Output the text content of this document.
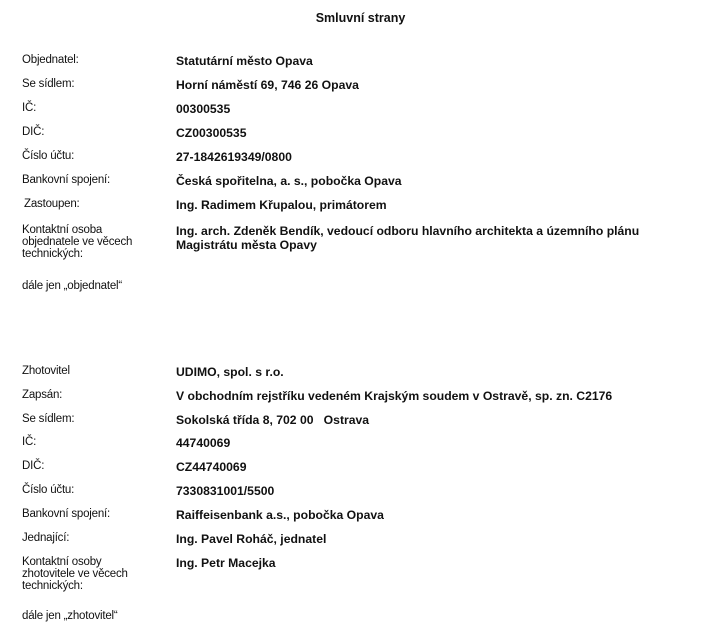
Smluvní strany
Objednatel:	Statutární město Opava
Se sídlem:	Horní náměstí 69, 746 26 Opava
IČ:	00300535
DIČ:	CZ00300535
Číslo účtu:	27-1842619349/0800
Bankovní spojení:	Česká spořitelna, a. s., pobočka Opava
Zastoupen:	Ing. Radimem Křupalou, primátorem
Kontaktní osoba objednatele ve věcech technických:
Ing. arch. Zdeněk Bendík, vedoucí odboru hlavního architekta a územního plánu Magistrátu města Opavy
dále jen „objednatel“
Zhotovitel	UDIMO, spol. s r.o.
Zapsán:	V obchodním rejstříku vedeném Krajským soudem v Ostravě, sp. zn. C2176
Se sídlem:	Sokolská třída 8, 702 00   Ostrava
IČ:	44740069
DIČ:	CZ44740069
Číslo účtu:	7330831001/5500
Bankovní spojení:	Raiffeisenbank a.s., pobočka Opava
Jednající:	Ing. Pavel Roháč, jednatel
Kontaktní osoby zhotovitele ve věcech technických:
Ing. Petr Macejka
dále jen „zhotovitel“
